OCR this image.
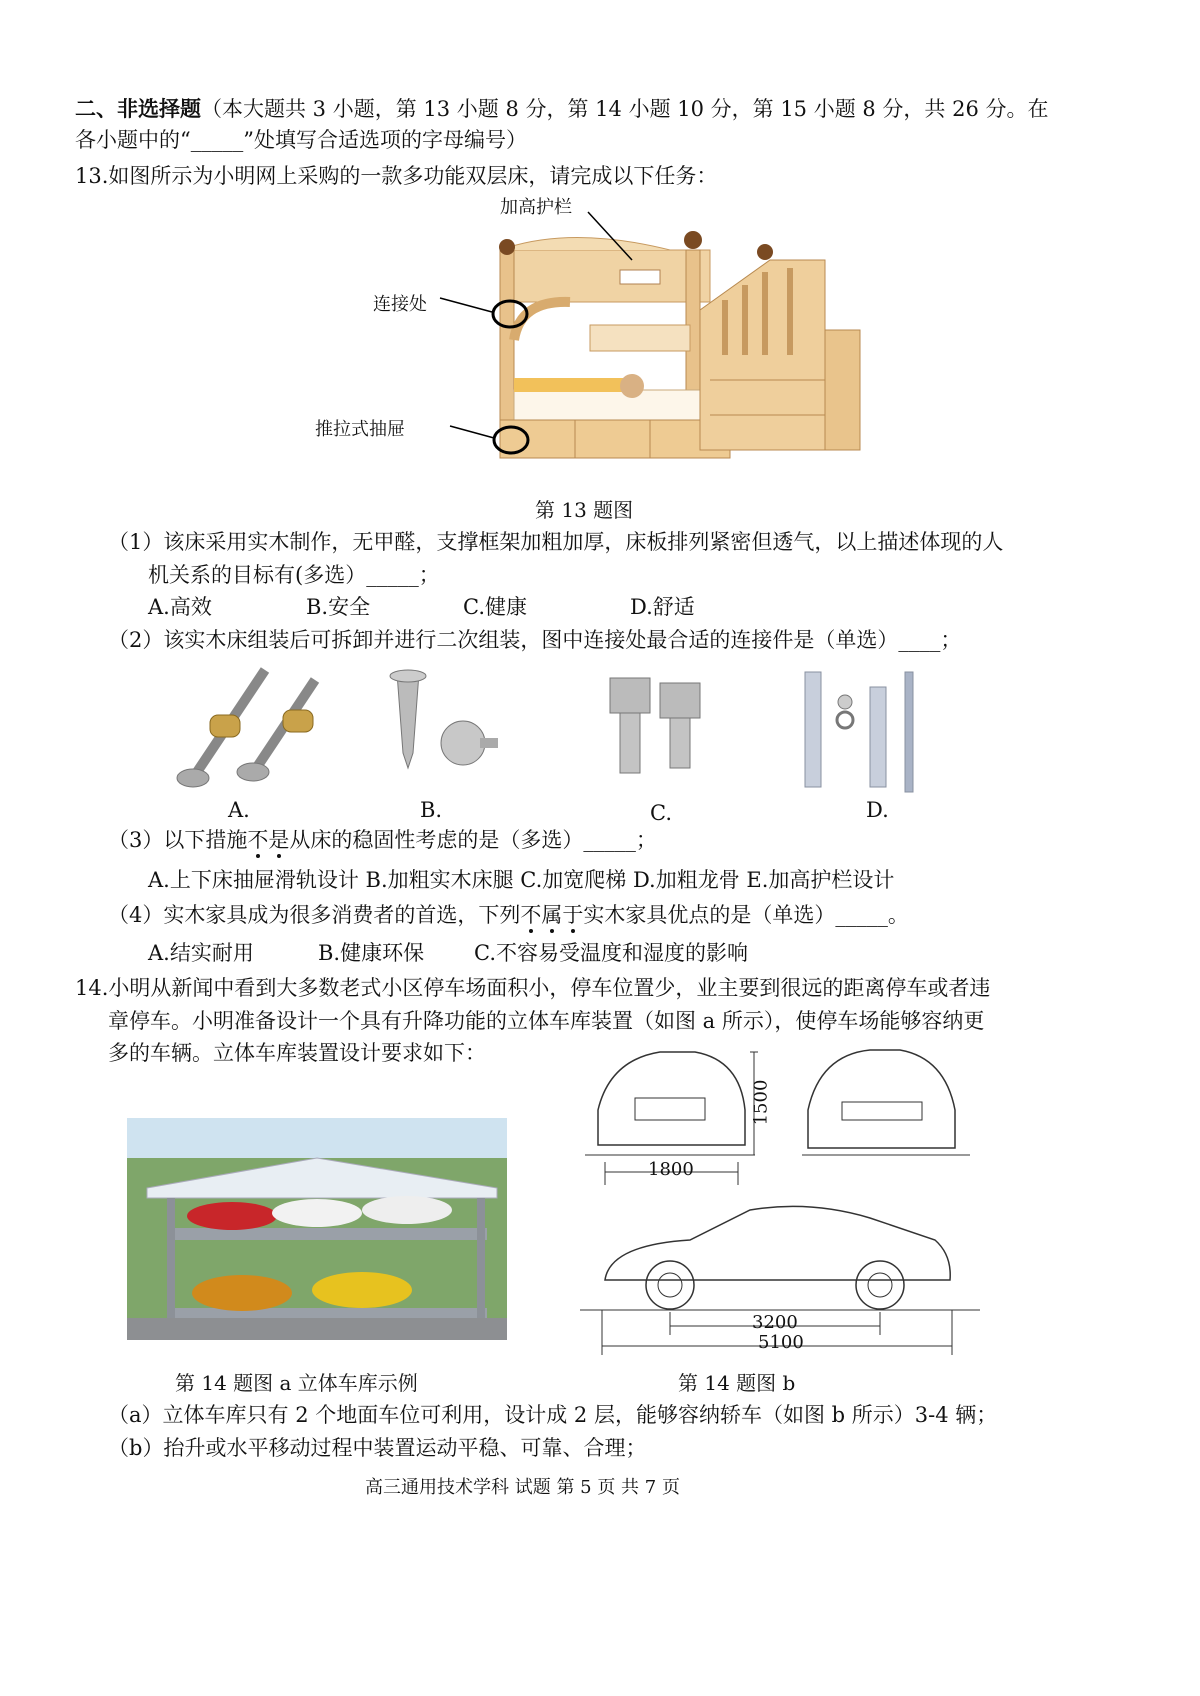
二、非选择题（本大题共 3 小题，第 13 小题 8 分，第 14 小题 10 分，第 15 小题 8 分，共 26 分。在
各小题中的“_____”处填写合适选项的字母编号）
13.如图所示为小明网上采购的一款多功能双层床，请完成以下任务：
加高护栏
连接处
推拉式抽屉
第 13 题图
（1）该床采用实木制作，无甲醛，支撑框架加粗加厚，床板排列紧密但透气，以上描述体现的人
机关系的目标有(多选）_____；
A.高效	B.安全	C.健康	D.舒适
（2）该实木床组装后可拆卸并进行二次组装，图中连接处最合适的连接件是（单选）____；
A.	B.	C.	D.
（3）以下措施不是从床的稳固性考虑的是（多选）_____；
A.上下床抽屉滑轨设计 B.加粗实木床腿 C.加宽爬梯 D.加粗龙骨 E.加高护栏设计
（4）实木家具成为很多消费者的首选，下列不属于实木家具优点的是（单选）_____。
A.结实耐用	B.健康环保 C.不容易受温度和湿度的影响
14.小明从新闻中看到大多数老式小区停车场面积小，停车位置少，业主要到很远的距离停车或者违
章停车。小明准备设计一个具有升降功能的立体车库装置（如图 a 所示），使停车场能够容纳更
多的车辆。立体车库装置设计要求如下：
1800
1500
3200
5100
第 14 题图 a 立体车库示例	第 14 题图 b
（a）立体车库只有 2 个地面车位可利用，设计成 2 层，能够容纳轿车（如图 b 所示）3-4 辆；
（b）抬升或水平移动过程中装置运动平稳、可靠、合理；
高三通用技术学科 试题 第 5 页 共 7 页
